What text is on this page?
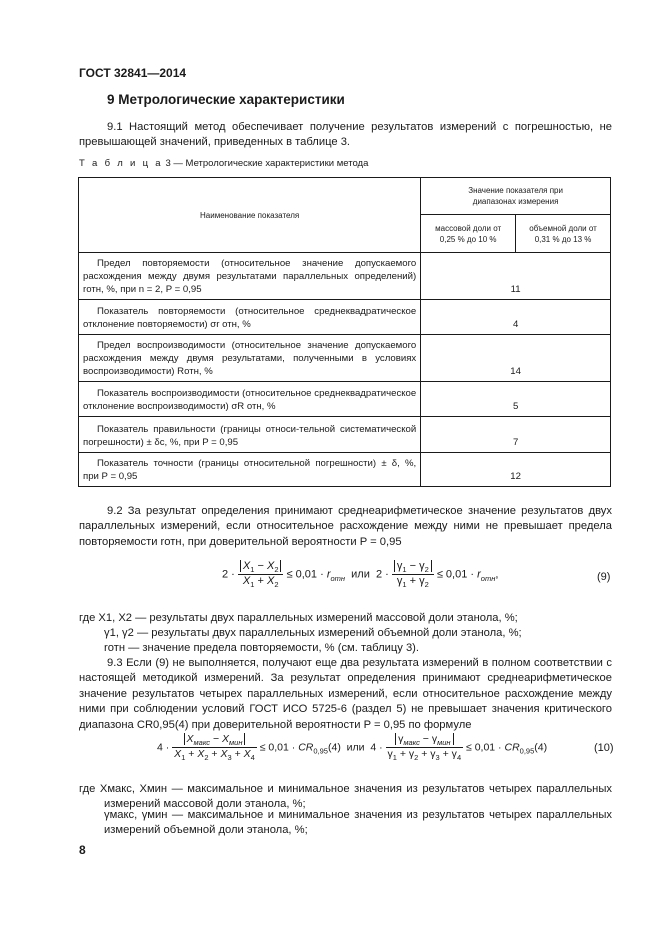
ГОСТ 32841—2014
9 Метрологические характеристики
9.1 Настоящий метод обеспечивает получение результатов измерений с погрешностью, не превышающей значений, приведенных в таблице 3.
Т а б л и ц а 3 — Метрологические характеристики метода
Наименование показателя	Значение показателя при диапазонах измерения	
	массовой доли от 0,25 % до 10 %	объемной доли от 0,31 % до 13 %

Предел повторяемости (относительное значение допускаемого расхождения между двумя результатами параллельных определений) rотн, %, при n = 2, P = 0,95	11	

Показатель повторяемости (относительное среднеквадратическое отклонение повторяемости) σr отн, %	4	

Предел воспроизводимости (относительное значение допускаемого расхождения между двумя результатами, полученными в условиях воспроизводимости) Rотн, %	14	

Показатель воспроизводимости (относительное среднеквадратическое отклонение воспроизводимости) σR отн, %	5	

Показатель правильности (границы относи-тельной систематической погрешности) ± δc, %, при P = 0,95	7	

Показатель точности (границы относительной погрешности) ± δ, %, при P = 0,95	12	
9.2 За результат определения принимают среднеарифметическое значение результатов двух параллельных измерений, если относительное расхождение между ними не превышает предела повторяемости rотн, при доверительной вероятности P = 0,95
$2 \cdot \frac{X_1 - X_2}{X_1 + X_2} \le 0,01 \cdot r_{отн}$  или  $2 \cdot \frac{\gamma_1 - \gamma_2}{\gamma_1 + \gamma_2} \le 0,01 \cdot r_{отн}$,	(9)
где X1, X2 — результаты двух параллельных измерений массовой доли этанола, %;
γ1, γ2 — результаты двух параллельных измерений объемной доли этанола, %;
rотн — значение предела повторяемости, % (см. таблицу 3).
9.3 Если (9) не выполняется, получают еще два результата измерений в полном соответствии с настоящей методикой измерений. За результат определения принимают среднеарифметическое значение результатов четырех параллельных измерений, если относительное расхождение между ними при соблюдении условий ГОСТ ИСО 5725-6 (раздел 5) не превышает значения критического диапазона CR0,95(4) при доверительной вероятности P = 0,95 по формуле
$4 \cdot \frac{X_{макс} - X_{мин}}{X_1 + X_2 + X_3 + X_4} \le 0,01 \cdot CR_{0,95}(4)$  или  $4 \cdot \frac{\gamma_{макс} - \gamma_{мин}}{\gamma_1 + \gamma_2 + \gamma_3 + \gamma_4} \le 0,01 \cdot CR_{0,95}(4)$	(10)
где Xмакс, Xмин — максимальное и минимальное значения из результатов четырех параллельных измерений массовой доли этанола, %;
γмакс, γмин — максимальное и минимальное значения из результатов четырех параллельных измерений объемной доли этанола, %;
8
